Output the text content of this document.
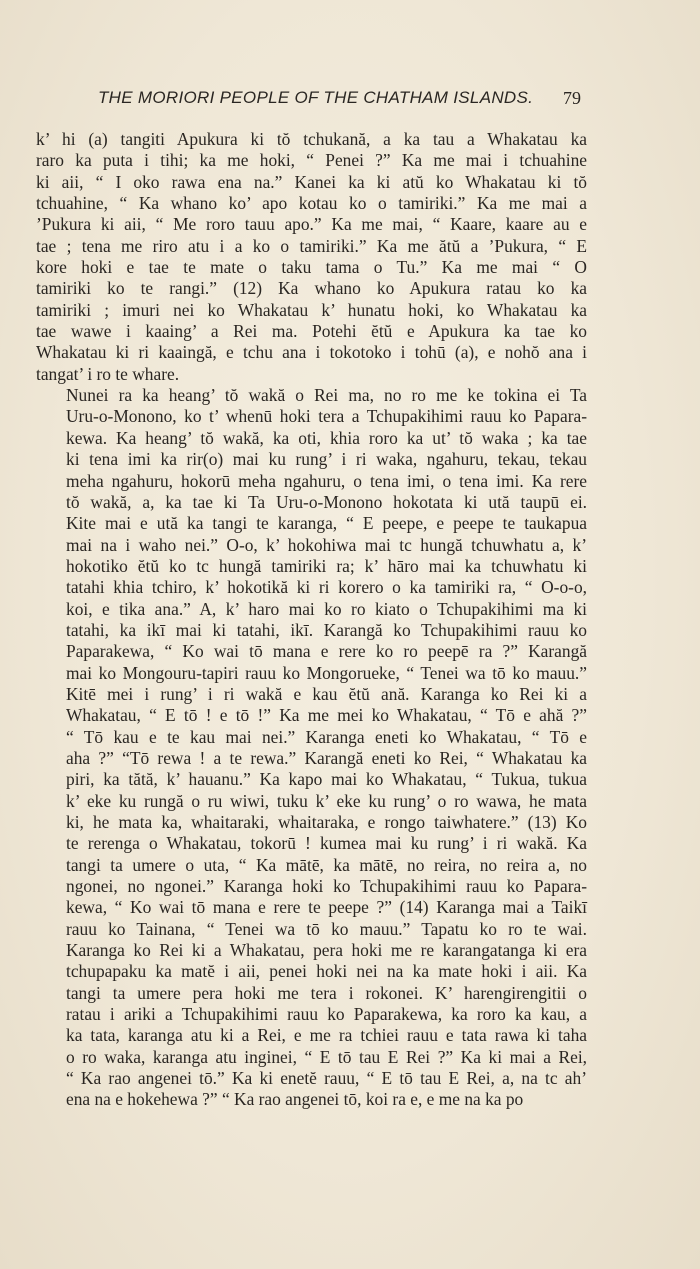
THE MORIORI PEOPLE OF THE CHATHAM ISLANDS. 79

k’ hi (a) tangiti Apukura ki tŏ tchukană, a ka tau a Whakatau ka
raro ka puta i tihi; ka me hoki, “ Penei ?” Ka me mai i tchuahine
ki aii, “ I oko rawa ena na.” Kanei ka ki atŭ ko Whakatau ki tŏ
tchuahine, “ Ka whano ko’ apo kotau ko o tamiriki.” Ka me mai a
’Pukura ki aii, “ Me roro tauu apo.” Ka me mai, “ Kaare, kaare au e
tae ; tena me riro atu i a ko o tamiriki.” Ka me ătŭ a ’Pukura, “ E
kore hoki e tae te mate o taku tama o Tu.” Ka me mai “ O
tamiriki ko te rangi.” (12) Ka whano ko Apukura ratau ko ka
tamiriki ; imuri nei ko Whakatau k’ hunatu hoki, ko Whakatau ka
tae wawe i kaaing’ a Rei ma. Potehi ĕtŭ e Apukura ka tae ko
Whakatau ki ri kaaingă, e tchu ana i tokotoko i tohū (a), e nohŏ ana i
tangat’ i ro te whare.

Nunei ra ka heang’ tŏ wakă o Rei ma, no ro me ke tokina ei Ta
Uru-o-Monono, ko t’ whenū hoki tera a Tchupakihimi rauu ko Papara-
kewa. Ka heang’ tŏ wakă, ka oti, khia roro ka ut’ tŏ waka ; ka tae
ki tena imi ka rir(o) mai ku rung’ i ri waka, ngahuru, tekau, tekau
meha ngahuru, hokorū meha ngahuru, o tena imi, o tena imi. Ka rere
tŏ wakă, a, ka tae ki Ta Uru-o-Monono hokotata ki ută taupū ei.
Kite mai e ută ka tangi te karanga, “ E peepe, e peepe te taukapua
mai na i waho nei.” O-o, k’ hokohiwa mai tc hungă tchuwhatu a, k’
hokotiko ĕtŭ ko tc hungă tamiriki ra; k’ hāro mai ka tchuwhatu ki
tatahi khia tchiro, k’ hokotikă ki ri korero o ka tamiriki ra, “ O-o-o,
koi, e tika ana.” A, k’ haro mai ko ro kiato o Tchupakihimi ma ki
tatahi, ka ikī mai ki tatahi, ikī. Karangă ko Tchupakihimi rauu ko
Paparakewa, “ Ko wai tō mana e rere ko ro peepē ra ?” Karangă
mai ko Mongouru-tapiri rauu ko Mongorueke, “ Tenei wa tō ko mauu.”
Kitē mei i rung’ i ri wakă e kau ĕtŭ ană. Karanga ko Rei ki a
Whakatau, “ E tō ! e tō !” Ka me mei ko Whakatau, “ Tō e ahă ?”
“ Tō kau e te kau mai nei.” Karanga eneti ko Whakatau, “ Tō e
aha ?” “Tō rewa ! a te rewa.” Karangă eneti ko Rei, “ Whakatau ka
piri, ka tătă, k’ hauanu.” Ka kapo mai ko Whakatau, “ Tukua, tukua
k’ eke ku rungă o ru wiwi, tuku k’ eke ku rung’ o ro wawa, he mata
ki, he mata ka, whaitaraki, whaitaraka, e rongo taiwhatere.” (13) Ko
te rerenga o Whakatau, tokorū ! kumea mai ku rung’ i ri wakă. Ka
tangi ta umere o uta, “ Ka mātē, ka mātē, no reira, no reira a, no
ngonei, no ngonei.” Karanga hoki ko Tchupakihimi rauu ko Papara-
kewa, “ Ko wai tō mana e rere te peepe ?” (14) Karanga mai a Taikī
rauu ko Tainana, “ Tenei wa tō ko mauu.” Tapatu ko ro te wai.
Karanga ko Rei ki a Whakatau, pera hoki me re karangatanga ki era
tchupapaku ka matĕ i aii, penei hoki nei na ka mate hoki i aii. Ka
tangi ta umere pera hoki me tera i rokonei. K’ harengirengitii o
ratau i ariki a Tchupakihimi rauu ko Paparakewa, ka roro ka kau, a
ka tata, karanga atu ki a Rei, e me ra tchiei rauu e tata rawa ki taha
o ro waka, karanga atu inginei, “ E tō tau E Rei ?” Ka ki mai a Rei,
“ Ka rao angenei tō.” Ka ki enetĕ rauu, “ E tō tau E Rei, a, na tc ah’
ena na e hokehewa ?” “ Ka rao angenei tō, koi ra e, e me na ka po
